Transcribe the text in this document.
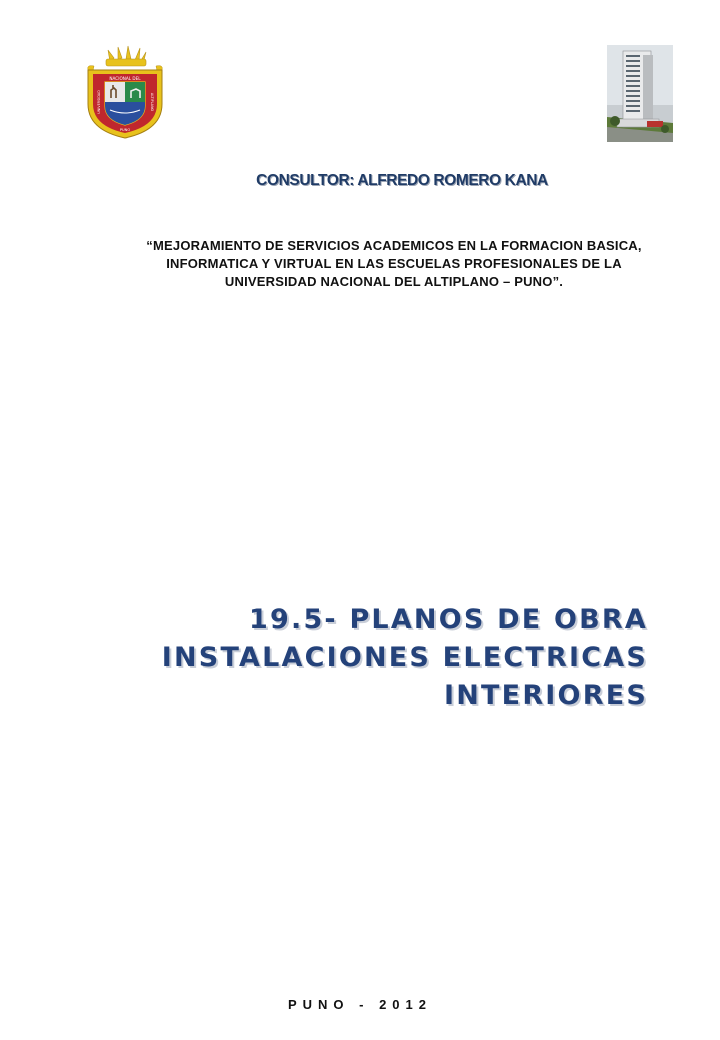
NACIONAL DEL
UNIVERSIDAD	ALTIPLANO
PUNO
CONSULTOR: ALFREDO ROMERO KANA
“MEJORAMIENTO DE SERVICIOS ACADEMICOS EN LA FORMACION BASICA, INFORMATICA Y VIRTUAL EN LAS ESCUELAS PROFESIONALES DE LA UNIVERSIDAD NACIONAL DEL ALTIPLANO – PUNO”.
19.5- PLANOS DE OBRA
INSTALACIONES ELECTRICAS
INTERIORES
PUNO - 2012
